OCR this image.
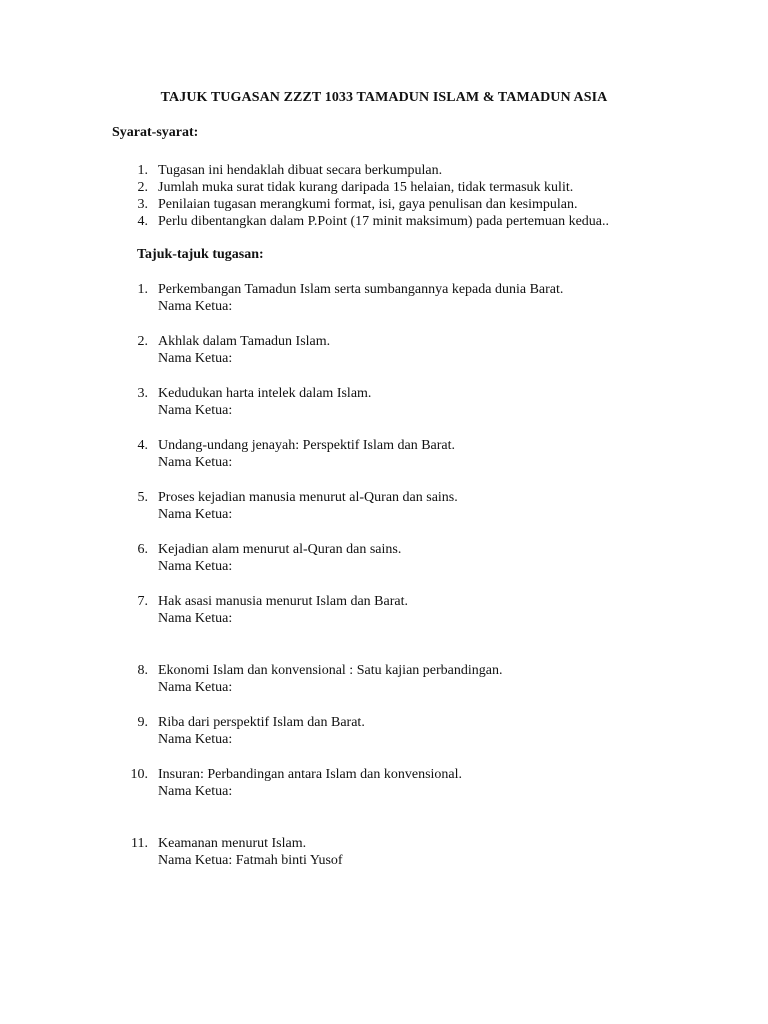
TAJUK TUGASAN ZZZT 1033 TAMADUN ISLAM & TAMADUN ASIA
Syarat-syarat:
1. Tugasan ini hendaklah dibuat secara berkumpulan.
2. Jumlah muka surat tidak kurang daripada 15 helaian, tidak termasuk kulit.
3. Penilaian tugasan merangkumi format, isi, gaya penulisan dan kesimpulan.
4. Perlu dibentangkan dalam P.Point (17 minit maksimum) pada pertemuan kedua..
Tajuk-tajuk tugasan:
1. Perkembangan Tamadun Islam serta sumbangannya kepada dunia Barat.
Nama Ketua:
2. Akhlak dalam Tamadun Islam.
Nama Ketua:
3. Kedudukan harta intelek dalam Islam.
Nama Ketua:
4. Undang-undang jenayah: Perspektif Islam dan Barat.
Nama Ketua:
5. Proses kejadian manusia menurut al-Quran dan sains.
Nama Ketua:
6. Kejadian alam menurut al-Quran dan sains.
Nama Ketua:
7. Hak asasi manusia menurut Islam dan Barat.
Nama Ketua:
8. Ekonomi Islam dan konvensional : Satu kajian perbandingan.
Nama Ketua:
9. Riba dari perspektif Islam dan Barat.
Nama Ketua:
10. Insuran: Perbandingan antara Islam dan konvensional.
Nama Ketua:
11. Keamanan menurut Islam.
Nama Ketua: Fatmah binti Yusof
